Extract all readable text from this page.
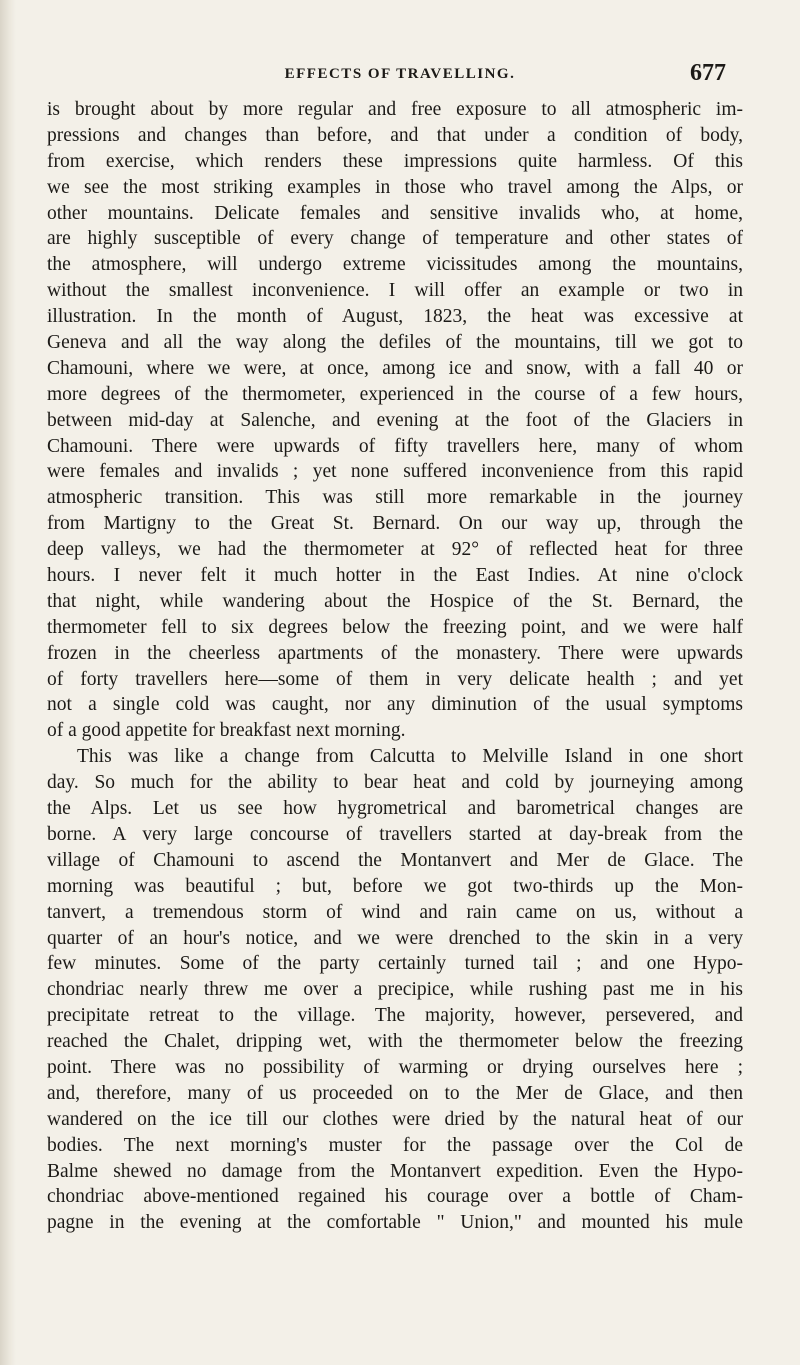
EFFECTS OF TRAVELLING.	677
is brought about by more regular and free exposure to all atmospheric im-
pressions and changes than before, and that under a condition of body,
from exercise, which renders these impressions quite harmless. Of this
we see the most striking examples in those who travel among the Alps, or
other mountains. Delicate females and sensitive invalids who, at home,
are highly susceptible of every change of temperature and other states of
the atmosphere, will undergo extreme vicissitudes among the mountains,
without the smallest inconvenience. I will offer an example or two in
illustration. In the month of August, 1823, the heat was excessive at
Geneva and all the way along the defiles of the mountains, till we got to
Chamouni, where we were, at once, among ice and snow, with a fall 40 or
more degrees of the thermometer, experienced in the course of a few hours,
between mid-day at Salenche, and evening at the foot of the Glaciers in
Chamouni. There were upwards of fifty travellers here, many of whom
were females and invalids ; yet none suffered inconvenience from this rapid
atmospheric transition. This was still more remarkable in the journey
from Martigny to the Great St. Bernard. On our way up, through the
deep valleys, we had the thermometer at 92° of reflected heat for three
hours. I never felt it much hotter in the East Indies. At nine o'clock
that night, while wandering about the Hospice of the St. Bernard, the
thermometer fell to six degrees below the freezing point, and we were half
frozen in the cheerless apartments of the monastery. There were upwards
of forty travellers here—some of them in very delicate health ; and yet
not a single cold was caught, nor any diminution of the usual symptoms
of a good appetite for breakfast next morning.
This was like a change from Calcutta to Melville Island in one short
day. So much for the ability to bear heat and cold by journeying among
the Alps. Let us see how hygrometrical and barometrical changes are
borne. A very large concourse of travellers started at day-break from the
village of Chamouni to ascend the Montanvert and Mer de Glace. The
morning was beautiful ; but, before we got two-thirds up the Mon-
tanvert, a tremendous storm of wind and rain came on us, without a
quarter of an hour's notice, and we were drenched to the skin in a very
few minutes. Some of the party certainly turned tail ; and one Hypo-
chondriac nearly threw me over a precipice, while rushing past me in his
precipitate retreat to the village. The majority, however, persevered, and
reached the Chalet, dripping wet, with the thermometer below the freezing
point. There was no possibility of warming or drying ourselves here ;
and, therefore, many of us proceeded on to the Mer de Glace, and then
wandered on the ice till our clothes were dried by the natural heat of our
bodies. The next morning's muster for the passage over the Col de
Balme shewed no damage from the Montanvert expedition. Even the Hypo-
chondriac above-mentioned regained his courage over a bottle of Cham-
pagne in the evening at the comfortable " Union," and mounted his mule
